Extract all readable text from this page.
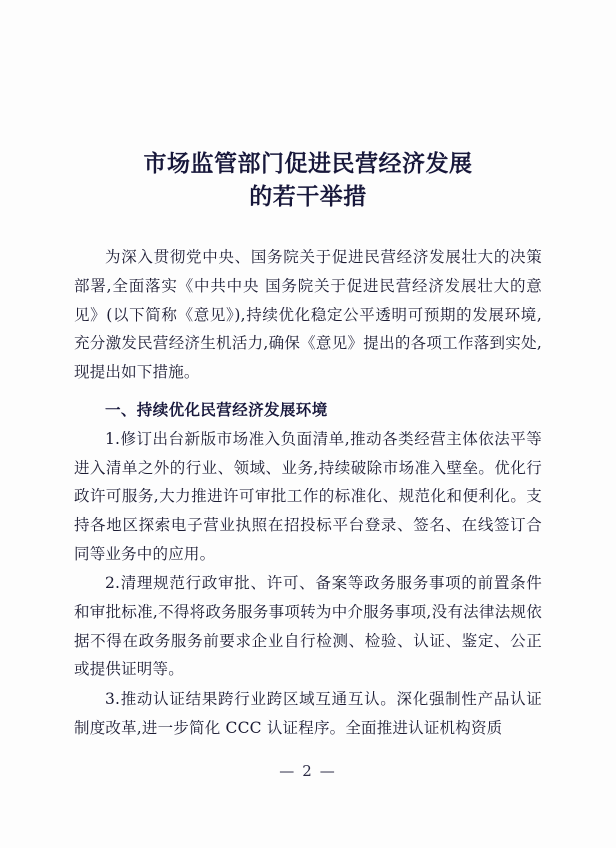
市场监管部门促进民营经济发展
的若干举措

为深入贯彻党中央、国务院关于促进民营经济发展壮大的决策部署,全面落实《中共中央 国务院关于促进民营经济发展壮大的意见》(以下简称《意见》),持续优化稳定公平透明可预期的发展环境,充分激发民营经济生机活力,确保《意见》提出的各项工作落到实处,现提出如下措施。

一、持续优化民营经济发展环境

1.修订出台新版市场准入负面清单,推动各类经营主体依法平等进入清单之外的行业、领域、业务,持续破除市场准入壁垒。优化行政许可服务,大力推进许可审批工作的标准化、规范化和便利化。支持各地区探索电子营业执照在招投标平台登录、签名、在线签订合同等业务中的应用。

2.清理规范行政审批、许可、备案等政务服务事项的前置条件和审批标准,不得将政务服务事项转为中介服务事项,没有法律法规依据不得在政务服务前要求企业自行检测、检验、认证、鉴定、公正或提供证明等。

3.推动认证结果跨行业跨区域互通互认。深化强制性产品认证制度改革,进一步简化 CCC 认证程序。全面推进认证机构资质

— 2 —
